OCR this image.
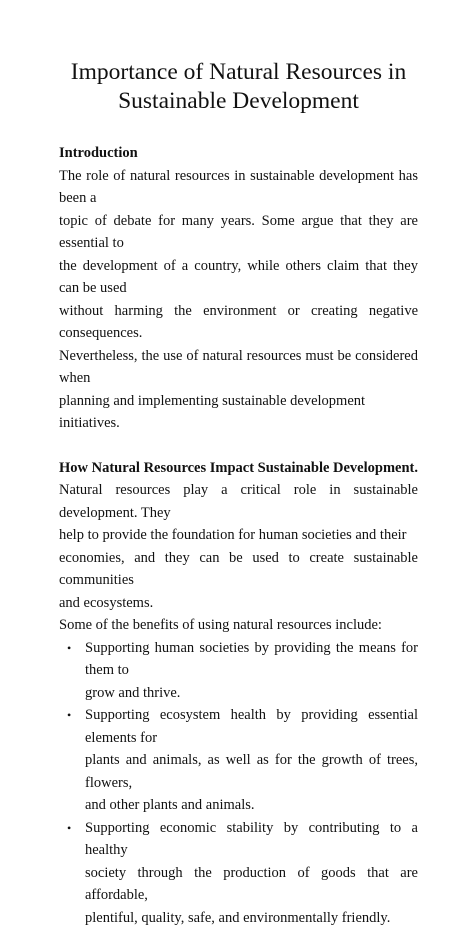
Importance of Natural Resources in
Sustainable Development
Introduction

The role of natural resources in sustainable development has been a
topic of debate for many years. Some argue that they are essential to
the development of a country, while others claim that they can be used
without harming the environment or creating negative consequences.
Nevertheless, the use of natural resources must be considered when
planning and implementing sustainable development initiatives.

How Natural Resources Impact Sustainable Development.

Natural resources play a critical role in sustainable development. They
help to provide the foundation for human societies and their
economies, and they can be used to create sustainable communities
and ecosystems.

Some of the benefits of using natural resources include:

• Supporting human societies by providing the means for them to
grow and thrive.
• Supporting ecosystem health by providing essential elements for
plants and animals, as well as for the growth of trees, flowers,
and other plants and animals.
• Supporting economic stability by contributing to a healthy
society through the production of goods that are affordable,
plentiful, quality, safe, and environmentally friendly.
